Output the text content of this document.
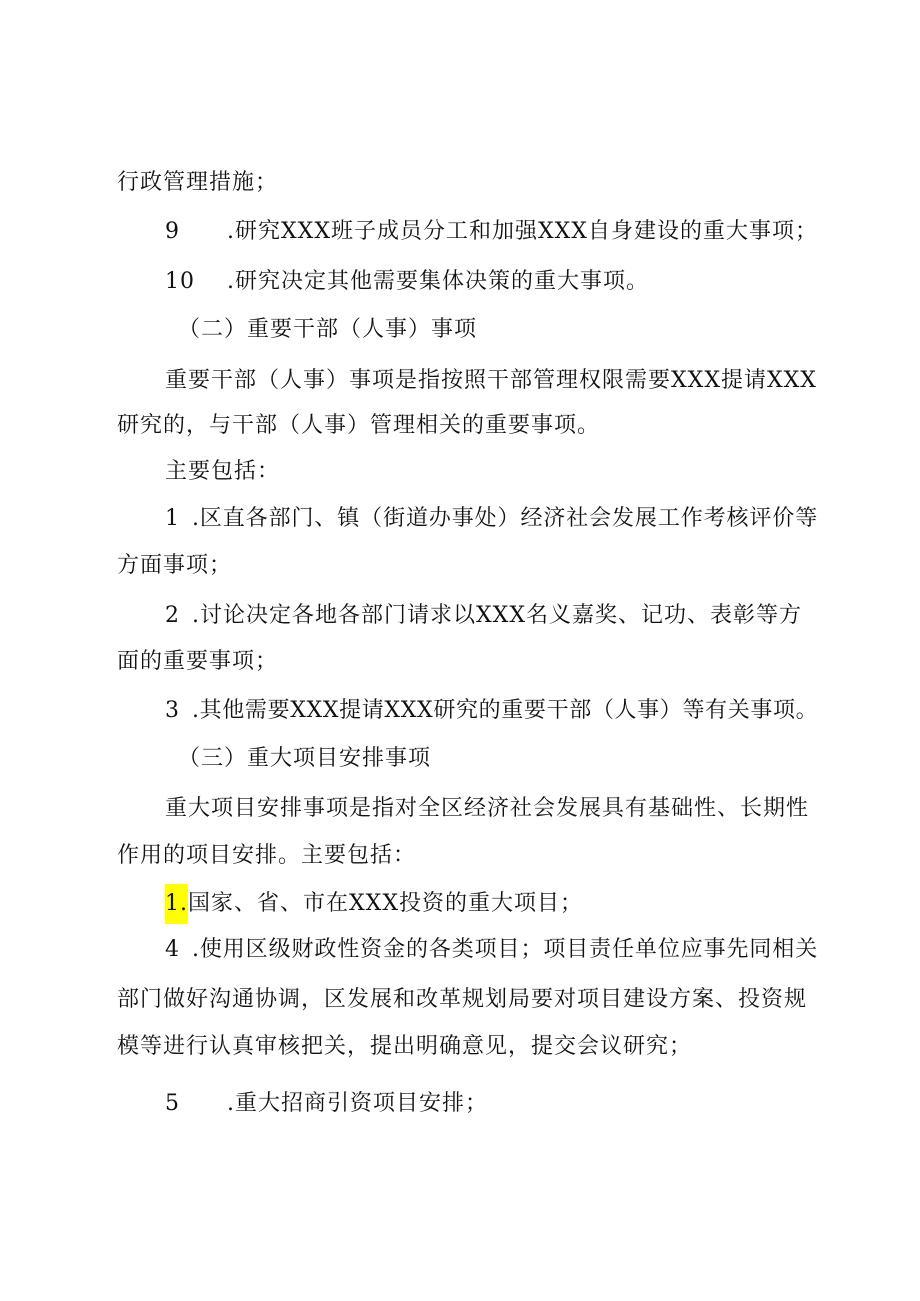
行政管理措施；
9 .研究XXX班子成员分工和加强XXX自身建设的重大事项；
10 .研究决定其他需要集体决策的重大事项。
（二）重要干部（人事）事项
重要干部（人事）事项是指按照干部管理权限需要XXX提请XXX
研究的，与干部（人事）管理相关的重要事项。
主要包括：
1 .区直各部门、镇（街道办事处）经济社会发展工作考核评价等
方面事项；
2 .讨论决定各地各部门请求以XXX名义嘉奖、记功、表彰等方
面的重要事项；
3 .其他需要XXX提请XXX研究的重要干部（人事）等有关事项。
（三）重大项目安排事项
重大项目安排事项是指对全区经济社会发展具有基础性、长期性
作用的项目安排。主要包括：
1.国家、省、市在XXX投资的重大项目；
4 .使用区级财政性资金的各类项目；项目责任单位应事先同相关
部门做好沟通协调，区发展和改革规划局要对项目建设方案、投资规
模等进行认真审核把关，提出明确意见，提交会议研究；
5 .重大招商引资项目安排；
